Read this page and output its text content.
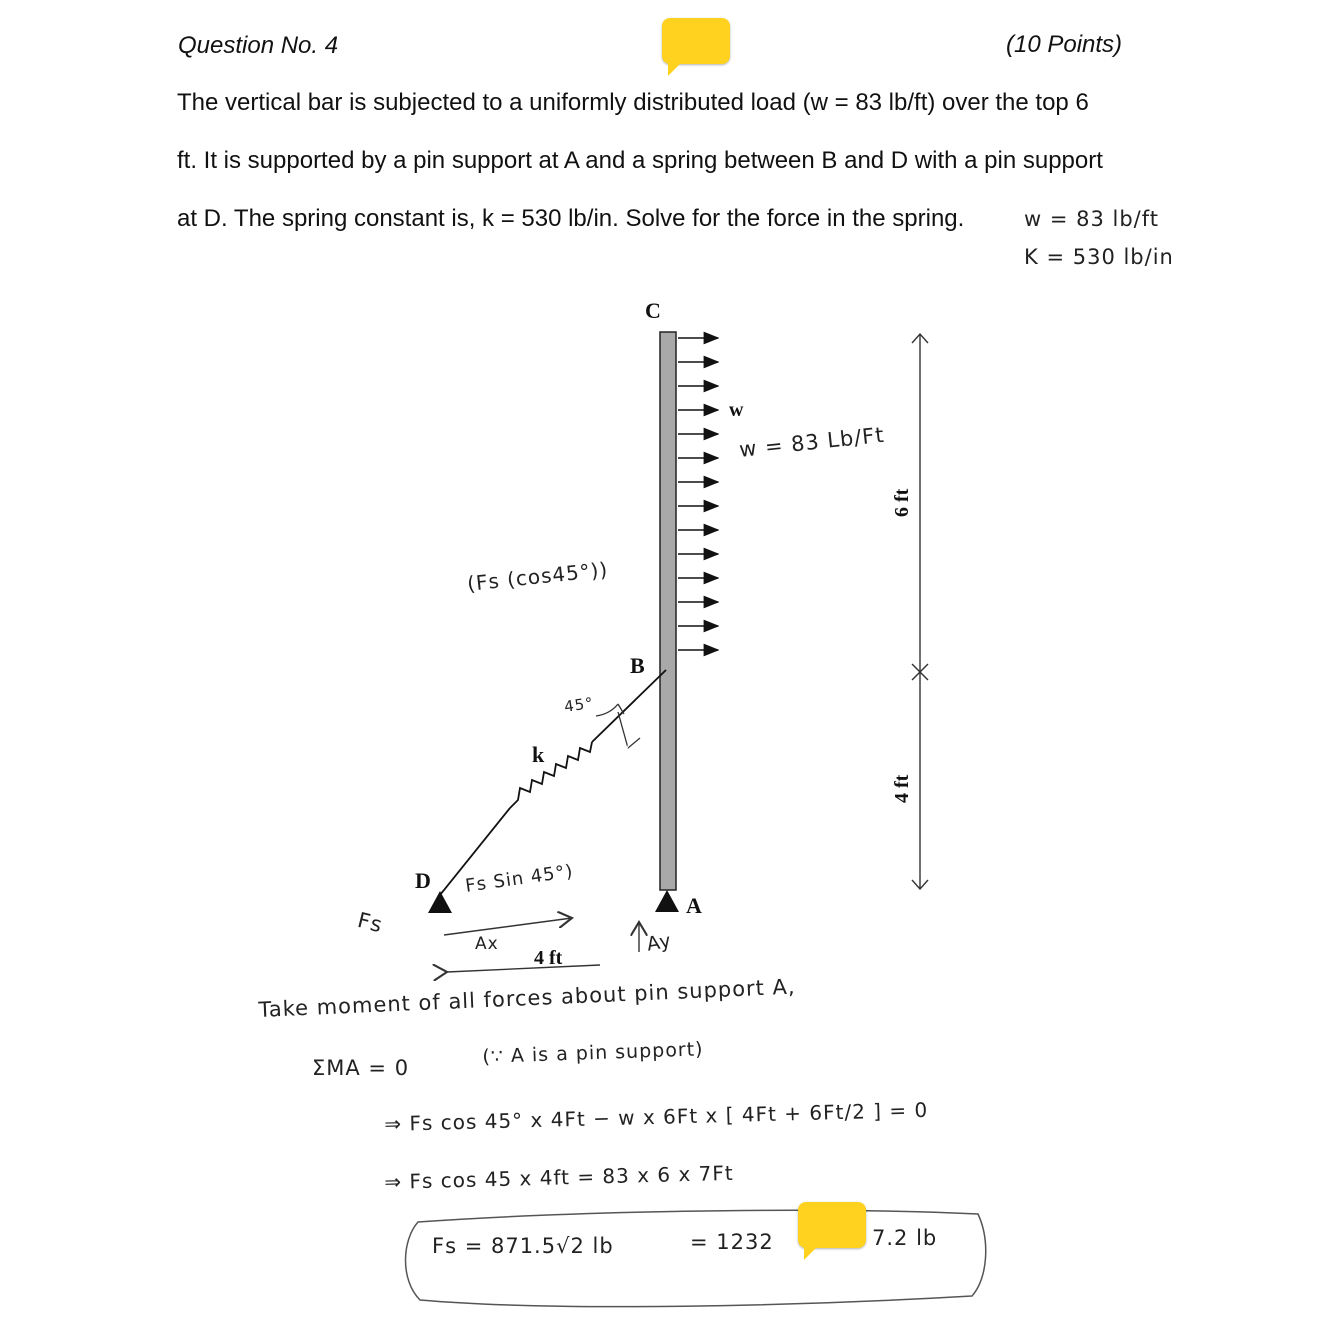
Question No. 4	(10 Points)
The vertical bar is subjected to a uniformly distributed load (w = 83 lb/ft) over the top 6
ft. It is supported by a pin support at A and a spring between B and D with a pin support
at D. The spring constant is, k = 530 lb/in. Solve for the force in the spring.	w = 83 lb/ft
K = 530 lb/in
C
B
A
D
w
k
4 ft
6 ft
4 ft
w = 83 Lb/Ft
(Fs (cos45°))
45°
V
Fs Sin 45°)
Fs
Ax	Ay
Take moment of all forces about pin support A,
ΣMA = 0
(∵ A is a pin support)
⇒ Fs cos 45° x 4Ft − w x 6Ft x [ 4Ft + 6Ft/2 ] = 0
⇒ Fs cos 45 x 4ft = 83 x 6 x 7Ft
Fs = 871.5√2 lb	= 1232	7.2 lb
